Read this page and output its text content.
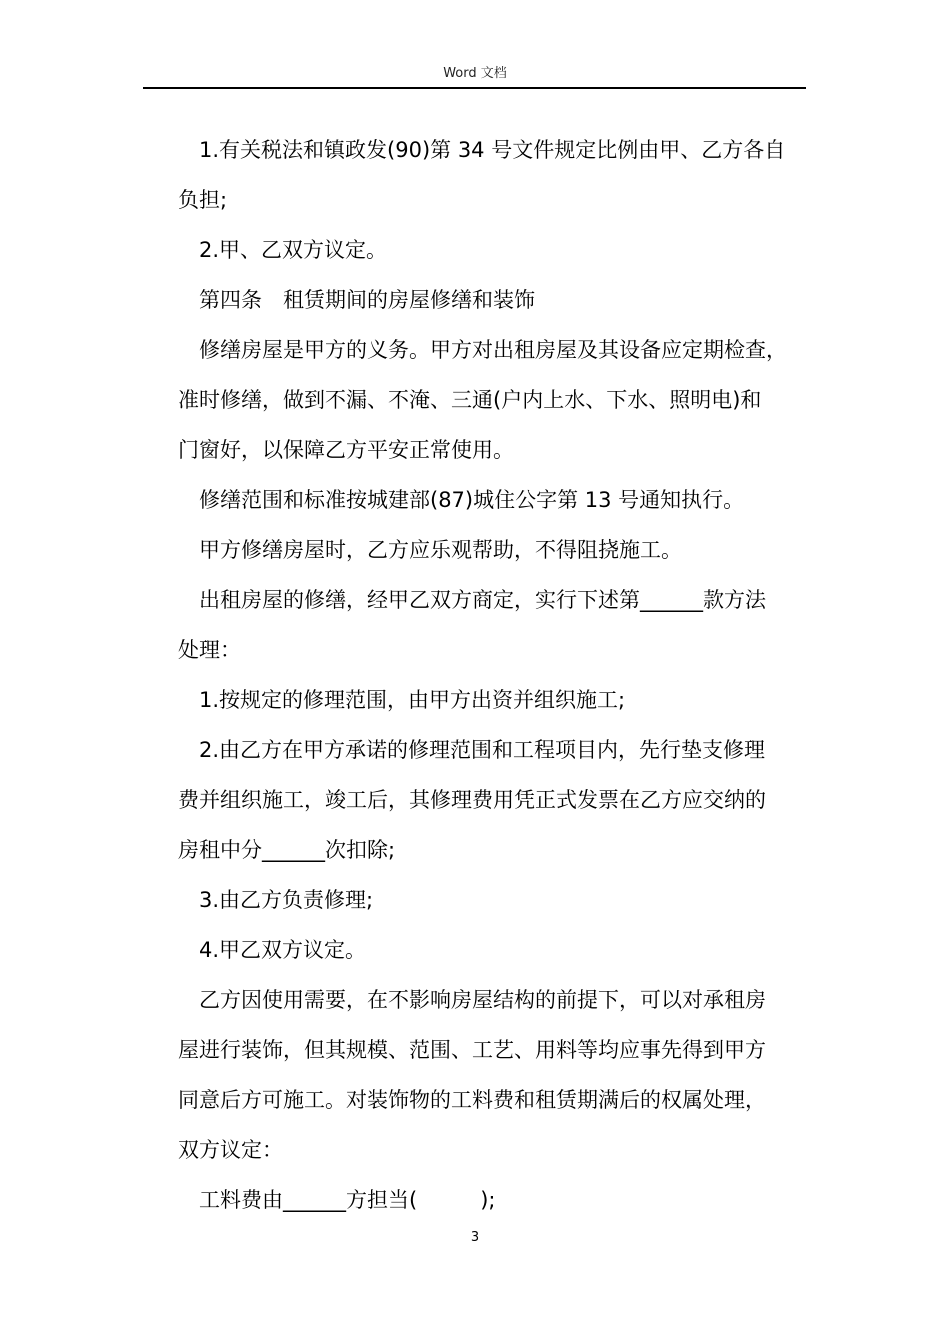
Word 文档

1.有关税法和镇政发(90)第 34 号文件规定比例由甲、乙方各自

负担;

2.甲、乙双方议定。

第四条　租赁期间的房屋修缮和装饰

修缮房屋是甲方的义务。甲方对出租房屋及其设备应定期检查，

准时修缮，做到不漏、不淹、三通(户内上水、下水、照明电)和

门窗好，以保障乙方平安正常使用。

修缮范围和标准按城建部(87)城住公字第 13 号通知执行。

甲方修缮房屋时，乙方应乐观帮助，不得阻挠施工。

出租房屋的修缮，经甲乙双方商定，实行下述第______款方法

处理：

1.按规定的修理范围，由甲方出资并组织施工;

2.由乙方在甲方承诺的修理范围和工程项目内，先行垫支修理

费并组织施工，竣工后，其修理费用凭正式发票在乙方应交纳的

房租中分______次扣除;

3.由乙方负责修理;

4.甲乙双方议定。

乙方因使用需要，在不影响房屋结构的前提下，可以对承租房

屋进行装饰，但其规模、范围、工艺、用料等均应事先得到甲方

同意后方可施工。对装饰物的工料费和租赁期满后的权属处理，

双方议定：

工料费由______方担当(　　　);

3
